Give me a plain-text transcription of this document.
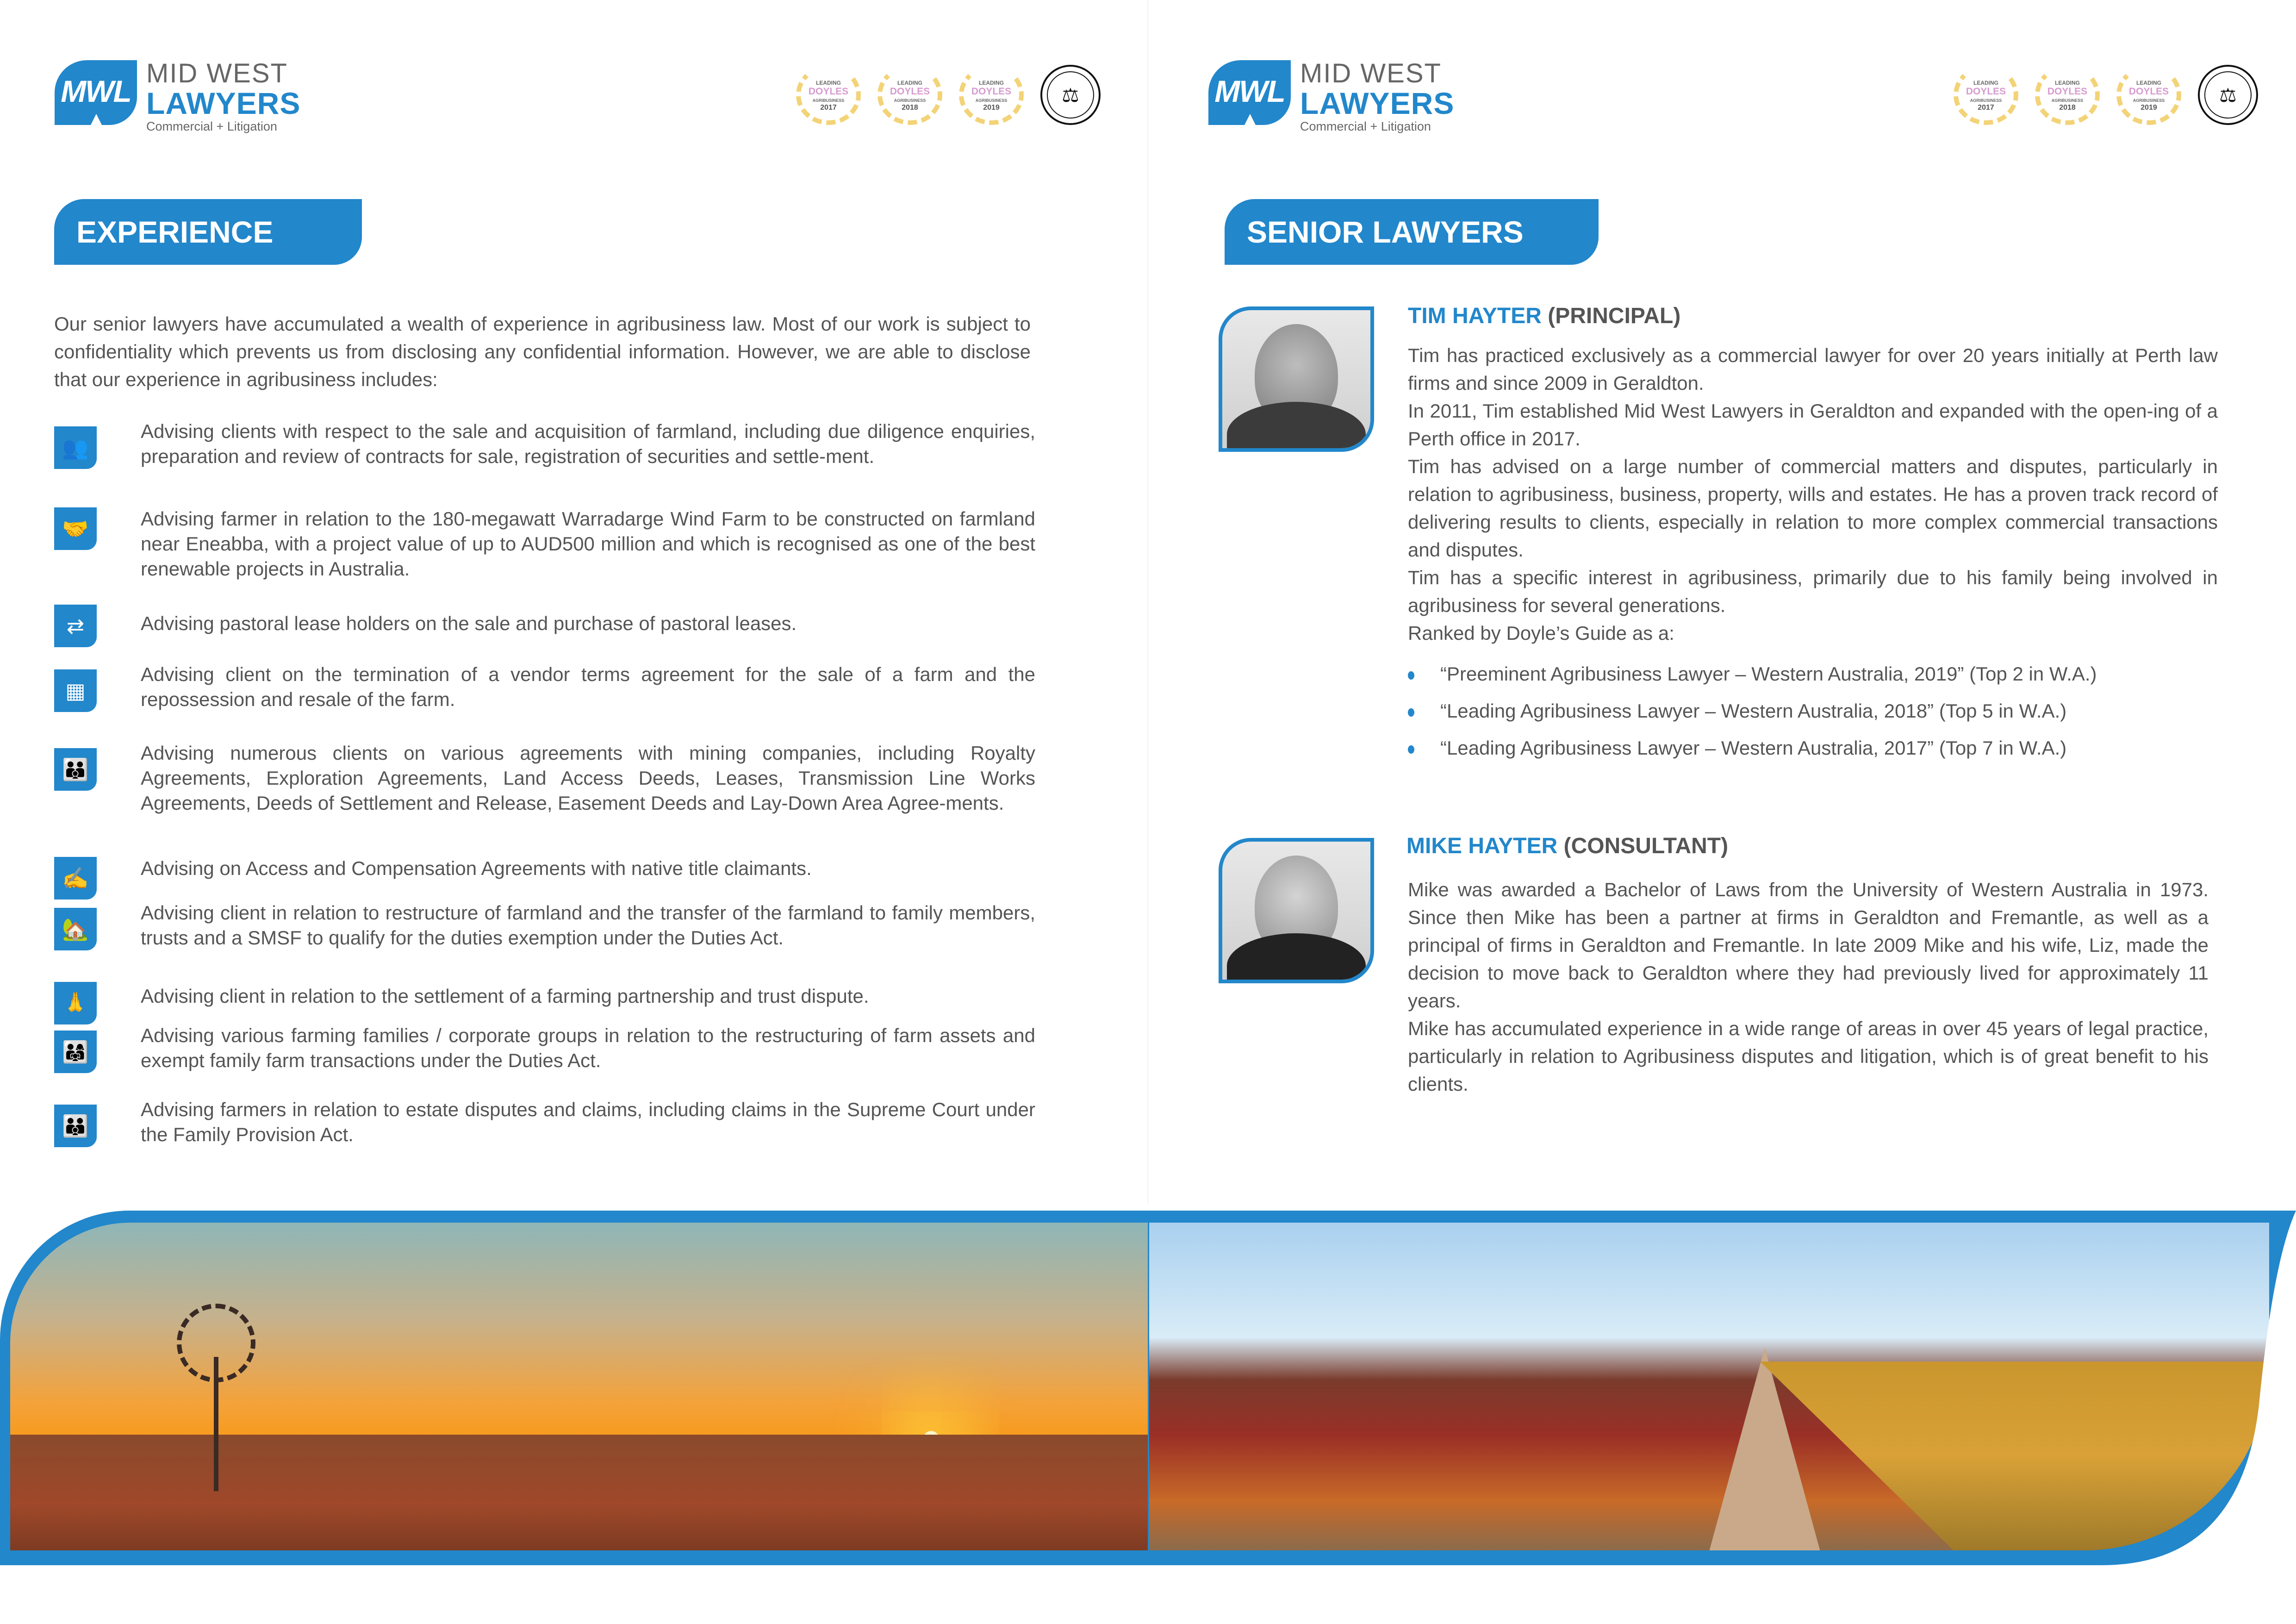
MWL
MID WEST
LAWYERS
Commercial + Litigation
LEADING
DOYLES
AGRIBUSINESS
2017
LEADING
DOYLES
AGRIBUSINESS
2018
LEADING
DOYLES
AGRIBUSINESS
2019
⚖
EXPERIENCE
Our senior lawyers have accumulated a wealth of experience in agribusiness law. Most of our work is subject to confidentiality which prevents us from disclosing any confidential information. However, we are able to disclose that our experience in agribusiness includes:
👥
Advising clients with respect to the sale and acquisition of farmland, including due diligence enquiries, preparation and review of contracts for sale, registration of securities and settle-ment.
🤝	Advising farmer in relation to the 180-megawatt Warradarge Wind Farm to be constructed on farmland near Eneabba, with a project value of up to AUD500 million and which is recognised as one of the best renewable projects in Australia.
⇄	Advising pastoral lease holders on the sale and purchase of pastoral leases.
▦
Advising client on the termination of a vendor terms agreement for the sale of a farm and the repossession and resale of the farm.
👪
Advising numerous clients on various agreements with mining companies, including Royalty Agreements, Exploration Agreements, Land Access Deeds, Leases, Transmission Line Works Agreements, Deeds of Settlement and Release, Easement Deeds and Lay-Down Area Agree-ments.
✍	Advising on Access and Compensation Agreements with native title claimants.
🏡
Advising client in relation to restructure of farmland and the transfer of the farmland to family members, trusts and a SMSF to qualify for the duties exemption under the Duties Act.
🙏	Advising client in relation to the settlement of a farming partnership and trust dispute.
👨‍👩‍👧
Advising various farming families / corporate groups in relation to the restructuring of farm assets and exempt family farm transactions under the Duties Act.
👪
Advising farmers in relation to estate disputes and claims, including claims in the Supreme Court under the Family Provision Act.
MWL
MID WEST
LAWYERS
Commercial + Litigation
LEADING
DOYLES
AGRIBUSINESS
2017
LEADING
DOYLES
AGRIBUSINESS
2018
LEADING
DOYLES
AGRIBUSINESS
2019
⚖
SENIOR LAWYERS
TIM HAYTER (PRINCIPAL)

Tim has practiced exclusively as a commercial lawyer for over 20 years initially at Perth law firms and since 2009 in Geraldton.

In 2011, Tim established Mid West Lawyers in Geraldton and expanded with the open-ing of a Perth office in 2017.

Tim has advised on a large number of commercial matters and disputes, particularly in relation to agribusiness, business, property, wills and estates. He has a proven track record of delivering results to clients, especially in relation to more complex commercial transactions and disputes.

Tim has a specific interest in agribusiness, primarily due to his family being involved in agribusiness for several generations.

Ranked by Doyle’s Guide as a:

“Preeminent Agribusiness Lawyer – Western Australia, 2019” (Top 2 in W.A.)
“Leading Agribusiness Lawyer – Western Australia, 2018” (Top 5 in W.A.)
“Leading Agribusiness Lawyer – Western Australia, 2017” (Top 7 in W.A.)
MIKE HAYTER (CONSULTANT)

Mike was awarded a Bachelor of Laws from the University of Western Australia in 1973. Since then Mike has been a partner at firms in Geraldton and Fremantle, as well as a principal of firms in Geraldton and Fremantle. In late 2009 Mike and his wife, Liz, made the decision to move back to Geraldton where they had previously lived for approximately 11 years.

Mike has accumulated experience in a wide range of areas in over 45 years of legal practice, particularly in relation to Agribusiness disputes and litigation, which is of great benefit to his clients.
